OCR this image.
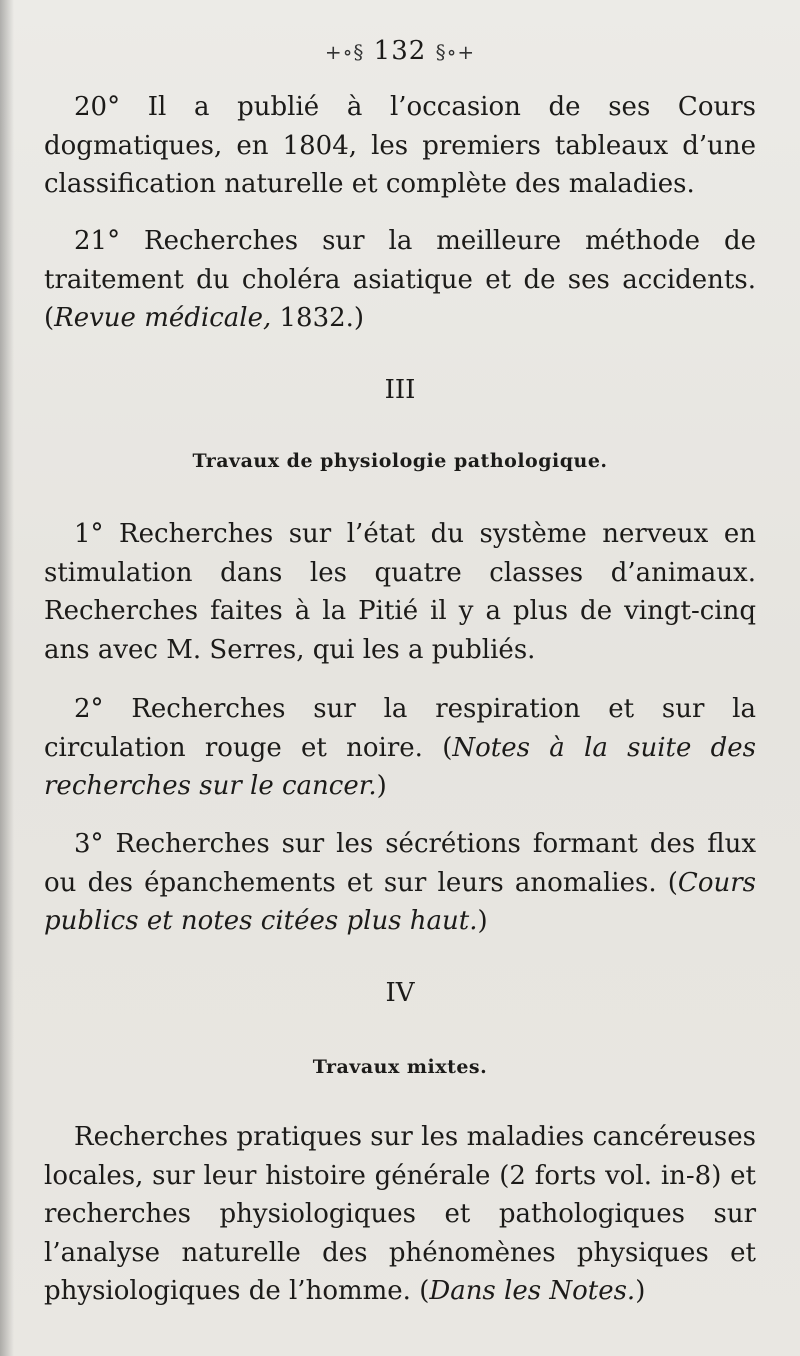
+∘§ 132 §∘+
20° Il a publié à l’occasion de ses Cours dogmatiques, en 1804, les premiers tableaux d’une classification naturelle et complète des maladies.
21° Recherches sur la meilleure méthode de traitement du choléra asiatique et de ses accidents. (Revue médicale, 1832.)
III
Travaux de physiologie pathologique.
1° Recherches sur l’état du système nerveux en stimulation dans les quatre classes d’animaux. Recherches faites à la Pitié il y a plus de vingt-cinq ans avec M. Serres, qui les a publiés.
2° Recherches sur la respiration et sur la circulation rouge et noire. (Notes à la suite des recherches sur le cancer.)
3° Recherches sur les sécrétions formant des flux ou des épanchements et sur leurs anomalies. (Cours publics et notes citées plus haut.)
IV
Travaux mixtes.
Recherches pratiques sur les maladies cancéreuses locales, sur leur histoire générale (2 forts vol. in-8) et recherches physiologiques et pathologiques sur l’analyse naturelle des phénomènes physiques et physiologiques de l’homme. (Dans les Notes.)
